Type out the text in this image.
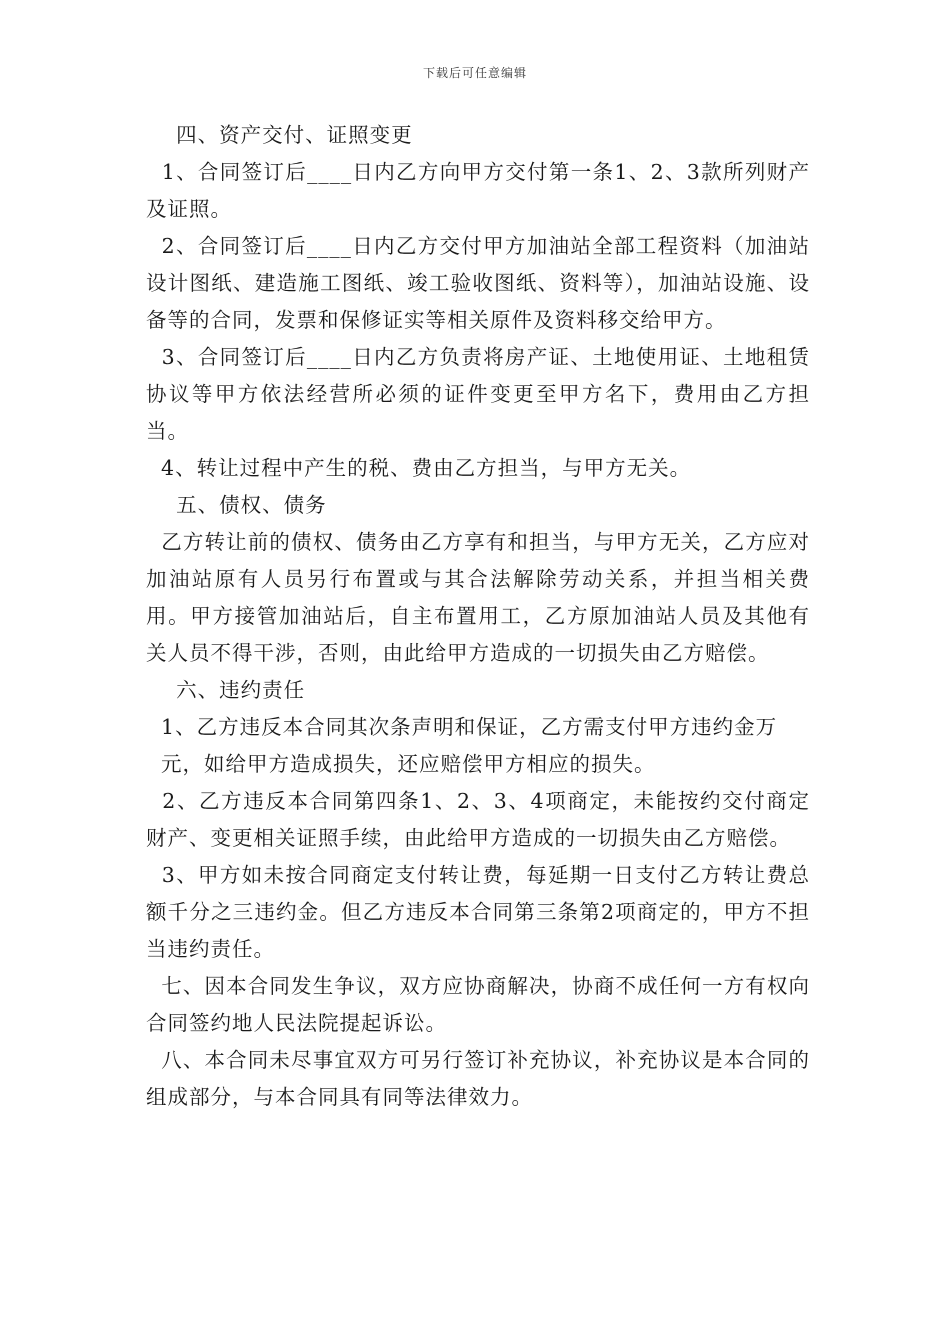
下载后可任意编辑

四、资产交付、证照变更

1、合同签订后____日内乙方向甲方交付第一条1、2、3款所列财产及证照。

2、合同签订后____日内乙方交付甲方加油站全部工程资料（加油站设计图纸、建造施工图纸、竣工验收图纸、资料等），加油站设施、设备等的合同，发票和保修证实等相关原件及资料移交给甲方。

3、合同签订后____日内乙方负责将房产证、土地使用证、土地租赁协议等甲方依法经营所必须的证件变更至甲方名下，费用由乙方担当。

4、转让过程中产生的税、费由乙方担当，与甲方无关。

五、债权、债务

乙方转让前的债权、债务由乙方享有和担当，与甲方无关，乙方应对加油站原有人员另行布置或与其合法解除劳动关系，并担当相关费用。甲方接管加油站后，自主布置用工，乙方原加油站人员及其他有关人员不得干涉，否则，由此给甲方造成的一切损失由乙方赔偿。

六、违约责任

1、乙方违反本合同其次条声明和保证，乙方需支付甲方违约金万

元，如给甲方造成损失，还应赔偿甲方相应的损失。

2、乙方违反本合同第四条1、2、3、4项商定，未能按约交付商定财产、变更相关证照手续，由此给甲方造成的一切损失由乙方赔偿。

3、甲方如未按合同商定支付转让费，每延期一日支付乙方转让费总额千分之三违约金。但乙方违反本合同第三条第2项商定的，甲方不担当违约责任。

七、因本合同发生争议，双方应协商解决，协商不成任何一方有权向合同签约地人民法院提起诉讼。

八、本合同未尽事宜双方可另行签订补充协议，补充协议是本合同的组成部分，与本合同具有同等法律效力。
